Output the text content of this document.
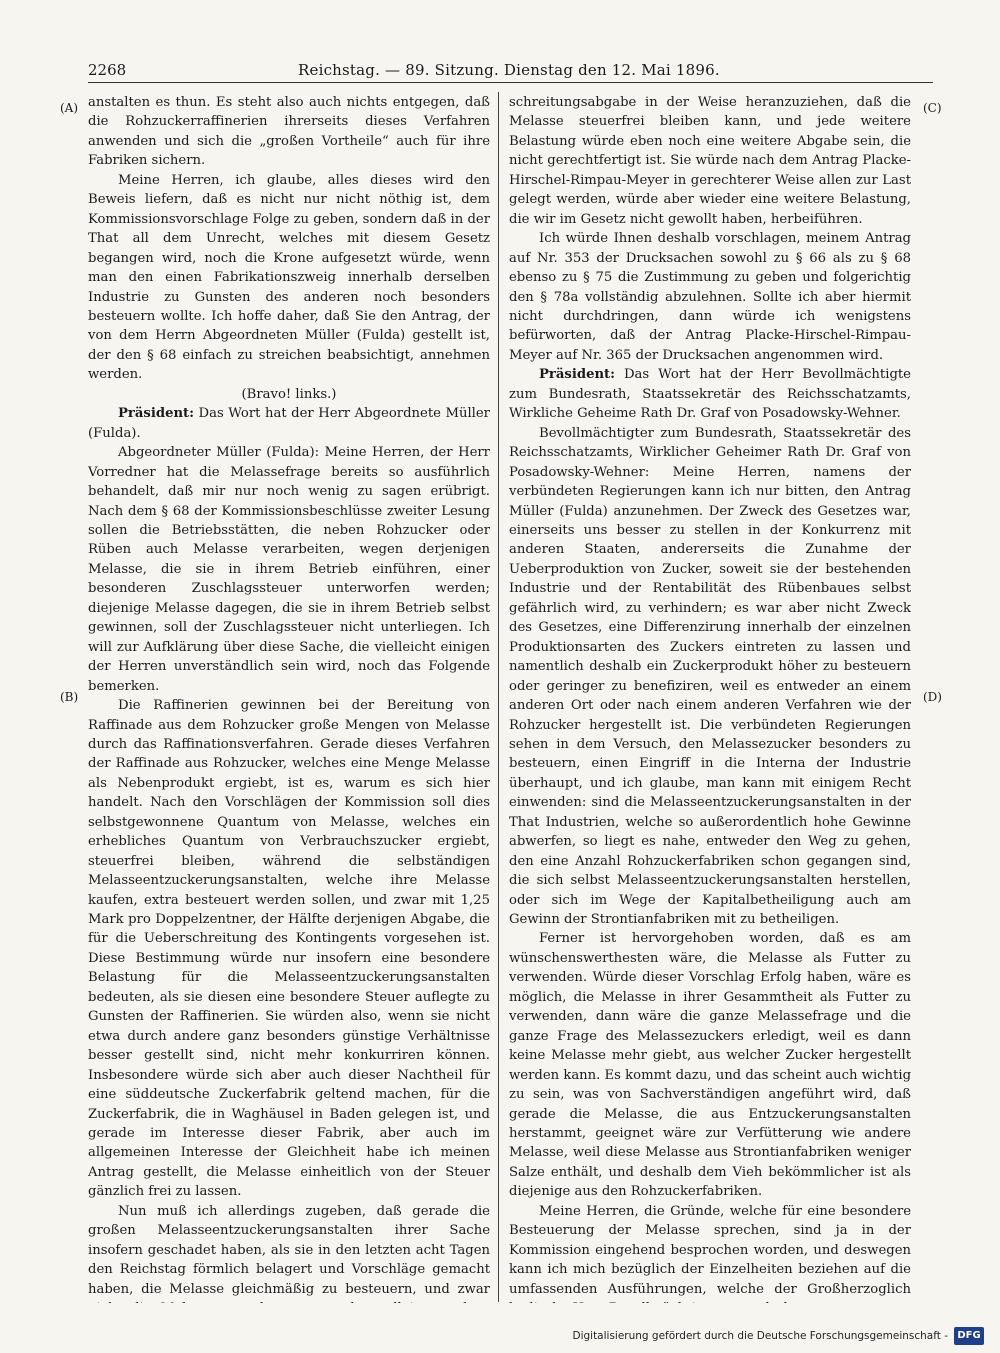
2268	Reichstag. — 89. Sitzung. Dienstag den 12. Mai 1896.
(A)
(B)
(C)
(D)

anstalten es thun. Es steht also auch nichts entgegen, daß die Rohzuckerraffinerien ihrerseits dieses Verfahren anwenden und sich die „großen Vortheile“ auch für ihre Fabriken sichern.

Meine Herren, ich glaube, alles dieses wird den Beweis liefern, daß es nicht nur nicht nöthig ist, dem Kommissionsvorschlage Folge zu geben, sondern daß in der That all dem Unrecht, welches mit diesem Gesetz begangen wird, noch die Krone aufgesetzt würde, wenn man den einen Fabrikationszweig innerhalb derselben Industrie zu Gunsten des anderen noch besonders besteuern wollte. Ich hoffe daher, daß Sie den Antrag, der von dem Herrn Abgeordneten Müller (Fulda) gestellt ist, der den § 68 einfach zu streichen beabsichtigt, annehmen werden.

(Bravo! links.)

Präsident: Das Wort hat der Herr Abgeordnete Müller (Fulda).

Abgeordneter Müller (Fulda): Meine Herren, der Herr Vorredner hat die Melassefrage bereits so ausführlich behandelt, daß mir nur noch wenig zu sagen erübrigt. Nach dem § 68 der Kommissionsbeschlüsse zweiter Lesung sollen die Betriebsstätten, die neben Rohzucker oder Rüben auch Melasse verarbeiten, wegen derjenigen Melasse, die sie in ihrem Betrieb einführen, einer besonderen Zuschlagssteuer unterworfen werden; diejenige Melasse dagegen, die sie in ihrem Betrieb selbst gewinnen, soll der Zuschlagssteuer nicht unterliegen. Ich will zur Aufklärung über diese Sache, die vielleicht einigen der Herren unverständlich sein wird, noch das Folgende bemerken.

Die Raffinerien gewinnen bei der Bereitung von Raffinade aus dem Rohzucker große Mengen von Melasse durch das Raffinationsverfahren. Gerade dieses Verfahren der Raffinade aus Rohzucker, welches eine Menge Melasse als Nebenprodukt ergiebt, ist es, warum es sich hier handelt. Nach den Vorschlägen der Kommission soll dies selbstgewonnene Quantum von Melasse, welches ein erhebliches Quantum von Verbrauchszucker ergiebt, steuerfrei bleiben, während die selbständigen Melasseentzuckerungsanstalten, welche ihre Melasse kaufen, extra besteuert werden sollen, und zwar mit 1,25 Mark pro Doppelzentner, der Hälfte derjenigen Abgabe, die für die Ueberschreitung des Kontingents vorgesehen ist. Diese Bestimmung würde nur insofern eine besondere Belastung für die Melasseentzuckerungsanstalten bedeuten, als sie diesen eine besondere Steuer auflegte zu Gunsten der Raffinerien. Sie würden also, wenn sie nicht etwa durch andere ganz besonders günstige Verhältnisse besser gestellt sind, nicht mehr konkurriren können. Insbesondere würde sich aber auch dieser Nachtheil für eine süddeutsche Zuckerfabrik geltend machen, für die Zuckerfabrik, die in Waghäusel in Baden gelegen ist, und gerade im Interesse dieser Fabrik, aber auch im allgemeinen Interesse der Gleichheit habe ich meinen Antrag gestellt, die Melasse einheitlich von der Steuer gänzlich frei zu lassen.

Nun muß ich allerdings zugeben, daß gerade die großen Melasseentzuckerungsanstalten ihrer Sache insofern geschadet haben, als sie in den letzten acht Tagen den Reichstag förmlich belagert und Vorschläge gemacht haben, die Melasse gleichmäßig zu besteuern, und zwar

schreitungsabgabe in der Weise heranzuziehen, daß die Melasse steuerfrei bleiben kann, und jede weitere Belastung würde eben noch eine weitere Abgabe sein, die nicht gerechtfertigt ist. Sie würde nach dem Antrag Placke-Hirschel-Rimpau-Meyer in gerechterer Weise allen zur Last gelegt werden, würde aber wieder eine weitere Belastung, die wir im Gesetz nicht gewollt haben, herbeiführen.

Ich würde Ihnen deshalb vorschlagen, meinem Antrag auf Nr. 353 der Drucksachen sowohl zu § 66 als zu § 68 ebenso zu § 75 die Zustimmung zu geben und folgerichtig den § 78a vollständig abzulehnen. Sollte ich aber hiermit nicht durchdringen, dann würde ich wenigstens befürworten, daß der Antrag Placke-Hirschel-Rimpau-Meyer auf Nr. 365 der Drucksachen angenommen wird.

Präsident: Das Wort hat der Herr Bevollmächtigte zum Bundesrath, Staatssekretär des Reichsschatzamts, Wirkliche Geheime Rath Dr. Graf von Posadowsky-Wehner.

Bevollmächtigter zum Bundesrath, Staatssekretär des Reichsschatzamts, Wirklicher Geheimer Rath Dr. Graf von Posadowsky-Wehner: Meine Herren, namens der verbündeten Regierungen kann ich nur bitten, den Antrag Müller (Fulda) anzunehmen. Der Zweck des Gesetzes war, einerseits uns besser zu stellen in der Konkurrenz mit anderen Staaten, andererseits die Zunahme der Ueberproduktion von Zucker, soweit sie der bestehenden Industrie und der Rentabilität des Rübenbaues selbst gefährlich wird, zu verhindern; es war aber nicht Zweck des Gesetzes, eine Differenzirung innerhalb der einzelnen Produktionsarten des Zuckers eintreten zu lassen und namentlich deshalb ein Zuckerprodukt höher zu besteuern oder geringer zu benefiziren, weil es entweder an einem anderen Ort oder nach einem anderen Verfahren wie der Rohzucker hergestellt ist. Die verbündeten Regierungen sehen in dem Versuch, den Melassezucker besonders zu besteuern, einen Eingriff in die Interna der Industrie überhaupt, und ich glaube, man kann mit einigem Recht einwenden: sind die Melasseentzuckerungsanstalten in der That Industrien, welche so außerordentlich hohe Gewinne abwerfen, so liegt es nahe, entweder den Weg zu gehen, den eine Anzahl Rohzuckerfabriken schon gegangen sind, die sich selbst Melasseentzuckerungsanstalten herstellen, oder sich im Wege der Kapitalbetheiligung auch am Gewinn der Strontianfabriken mit zu betheiligen.

Ferner ist hervorgehoben worden, daß es am wünschenswerthesten wäre, die Melasse als Futter zu verwenden. Würde dieser Vorschlag Erfolg haben, wäre es möglich, die Melasse in ihrer Gesammtheit als Futter zu verwenden, dann wäre die ganze Melassefrage und die ganze Frage des Melassezuckers erledigt, weil es dann keine Melasse mehr giebt, aus welcher Zucker hergestellt werden kann. Es kommt dazu, und das scheint auch wichtig zu sein, was von Sachverständigen angeführt wird, daß gerade die Melasse, die aus Entzuckerungsanstalten herstammt, geeignet wäre zur Verfütterung wie andere Melasse, weil diese Melasse aus Strontianfabriken weniger Salze enthält, und deshalb dem Vieh bekömmlicher ist als diejenige aus den Rohzuckerfabriken.

Meine Herren, die Gründe, welche für eine besondere Besteuerung der Melasse sprechen, sind ja in der Kommission eingehend besprochen worden, und deswegen kann ich mich bezüglich der Einzelheiten beziehen auf die umfassenden Ausführungen, welche der Großherzoglich

Digitalisierung gefördert durch die Deutsche Forschungsgemeinschaft - DFG
